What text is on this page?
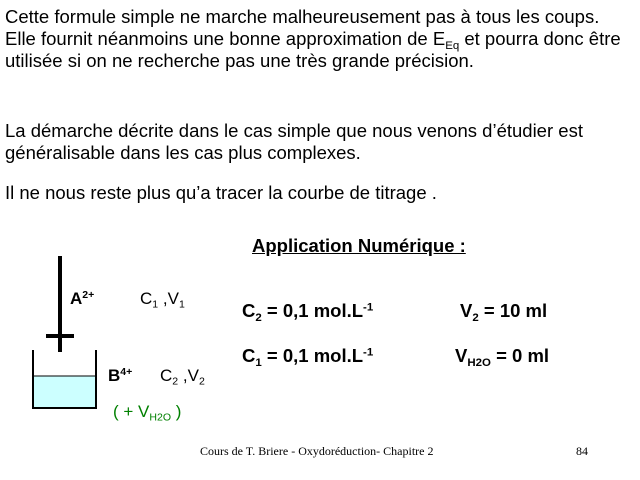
Cette formule simple ne marche malheureusement pas à tous les coups. Elle fournit néanmoins une bonne approximation de $E_{Eq}$ et pourra donc être utilisée si on ne recherche pas une très grande précision.

La démarche décrite dans le cas simple que nous venons d’étudier est généralisable dans les cas plus complexes.

Il ne nous reste plus qu’a tracer la courbe de titrage .

Application Numérique :
$A^{2+}$	$C_1$ $,V_1$
$B^{4+}$ $C_2$ $,V_2$
( + $V_{H2O}$ )
$C_2 = 0,1$ $mol.L^{-1}$	$V_2 = 10$ ml
$C_1 = 0,1$ $mol.L^{-1}$	$V_{H2O} = 0$ ml
Cours de T. Briere - Oxydoréduction- Chapitre 2	84
